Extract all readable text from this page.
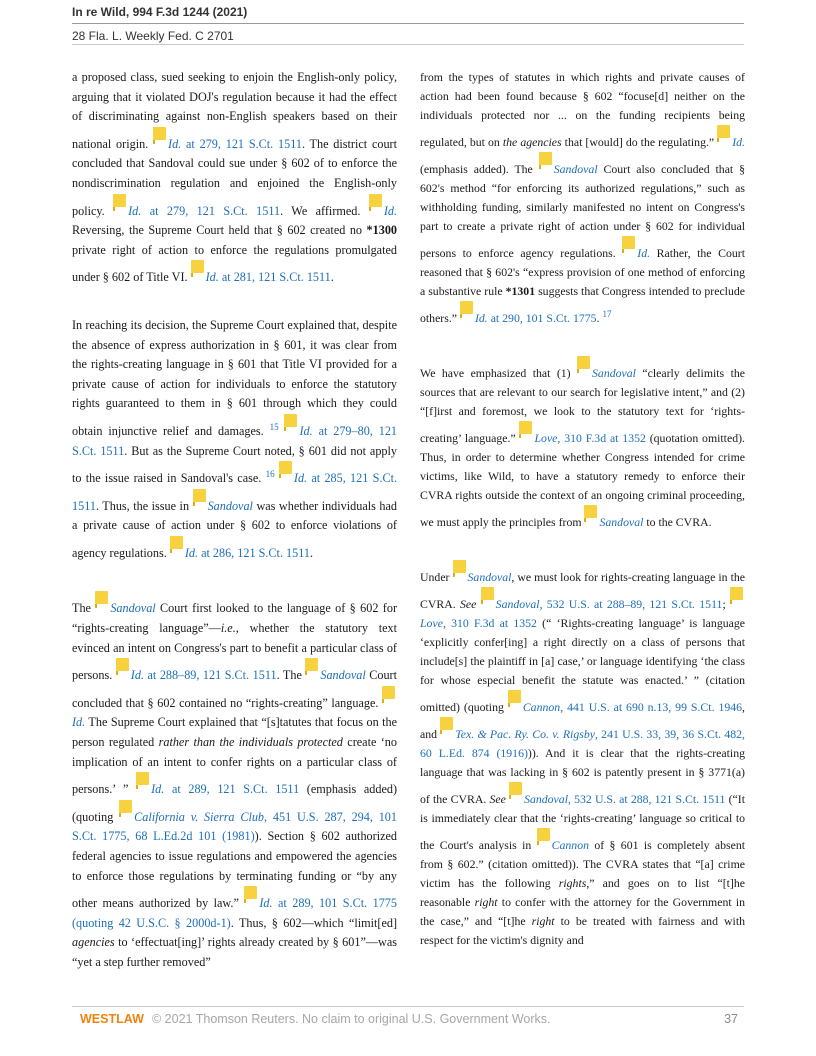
In re Wild, 994 F.3d 1244 (2021)
28 Fla. L. Weekly Fed. C 2701

a proposed class, sued seeking to enjoin the English-only policy, arguing that it violated DOJ's regulation because it had the effect of discriminating against non-English speakers based on their national origin. Id. at 279, 121 S.Ct. 1511. The district court concluded that Sandoval could sue under § 602 of to enforce the nondiscrimination regulation and enjoined the English-only policy. Id. at 279, 121 S.Ct. 1511. We affirmed. Id. Reversing, the Supreme Court held that § 602 created no *1300 private right of action to enforce the regulations promulgated under § 602 of Title VI. Id. at 281, 121 S.Ct. 1511.

In reaching its decision, the Supreme Court explained that, despite the absence of express authorization in § 601, it was clear from the rights-creating language in § 601 that Title VI provided for a private cause of action for individuals to enforce the statutory rights guaranteed to them in § 601 through which they could obtain injunctive relief and damages. $^{15}$ Id. at 279–80, 121 S.Ct. 1511. But as the Supreme Court noted, § 601 did not apply to the issue raised in Sandoval's case. $^{16}$ Id. at 285, 121 S.Ct. 1511. Thus, the issue in Sandoval was whether individuals had a private cause of action under § 602 to enforce violations of agency regulations. Id. at 286, 121 S.Ct. 1511.

The Sandoval Court first looked to the language of § 602 for “rights-creating language”—i.e., whether the statutory text evinced an intent on Congress's part to benefit a particular class of persons. Id. at 288–89, 121 S.Ct. 1511. The Sandoval Court concluded that § 602 contained no “rights-creating” language. Id. The Supreme Court explained that “[s]tatutes that focus on the person regulated rather than the individuals protected create ‘no implication of an intent to confer rights on a particular class of persons.’ ” Id. at 289, 121 S.Ct. 1511 (emphasis added) (quoting California v. Sierra Club, 451 U.S. 287, 294, 101 S.Ct. 1775, 68 L.Ed.2d 101 (1981)). Section § 602 authorized federal agencies to issue regulations and empowered the agencies to enforce those regulations by terminating funding or “by any other means authorized by law.” Id. at 289, 101 S.Ct. 1775 (quoting 42 U.S.C. § 2000d-1). Thus, § 602—which “limit[ed] agencies to ‘effectuat[ing]’ rights already created by § 601”—was “yet a step further removed”

from the types of statutes in which rights and private causes of action had been found because § 602 “focuse[d] neither on the individuals protected nor ... on the funding recipients being regulated, but on the agencies that [would] do the regulating.” Id. (emphasis added). The Sandoval Court also concluded that § 602's method “for enforcing its authorized regulations,” such as withholding funding, similarly manifested no intent on Congress's part to create a private right of action under § 602 for individual persons to enforce agency regulations. Id. Rather, the Court reasoned that § 602's “express provision of one method of enforcing a substantive rule *1301 suggests that Congress intended to preclude others.” Id. at 290, 101 S.Ct. 1775. $^{17}$

We have emphasized that (1) Sandoval “clearly delimits the sources that are relevant to our search for legislative intent,” and (2) “[f]irst and foremost, we look to the statutory text for ‘rights-creating’ language.” Love, 310 F.3d at 1352 (quotation omitted). Thus, in order to determine whether Congress intended for crime victims, like Wild, to have a statutory remedy to enforce their CVRA rights outside the context of an ongoing criminal proceeding, we must apply the principles from Sandoval to the CVRA.

Under Sandoval, we must look for rights-creating language in the CVRA. See Sandoval, 532 U.S. at 288–89, 121 S.Ct. 1511; Love, 310 F.3d at 1352 (“ ‘Rights-creating language’ is language ‘explicitly confer[ing] a right directly on a class of persons that include[s] the plaintiff in [a] case,’ or language identifying ‘the class for whose especial benefit the statute was enacted.’ ” (citation omitted) (quoting Cannon, 441 U.S. at 690 n.13, 99 S.Ct. 1946, and Tex. & Pac. Ry. Co. v. Rigsby, 241 U.S. 33, 39, 36 S.Ct. 482, 60 L.Ed. 874 (1916))). And it is clear that the rights-creating language that was lacking in § 602 is patently present in § 3771(a) of the CVRA. See Sandoval, 532 U.S. at 288, 121 S.Ct. 1511 (“It is immediately clear that the ‘rights-creating’ language so critical to the Court's analysis in Cannon of § 601 is completely absent from § 602.” (citation omitted)). The CVRA states that “[a] crime victim has the following rights,” and goes on to list “[t]he reasonable right to confer with the attorney for the Government in the case,” and “[t]he right to be treated with fairness and with respect for the victim's dignity and

WESTLAW © 2021 Thomson Reuters. No claim to original U.S. Government Works.	37
